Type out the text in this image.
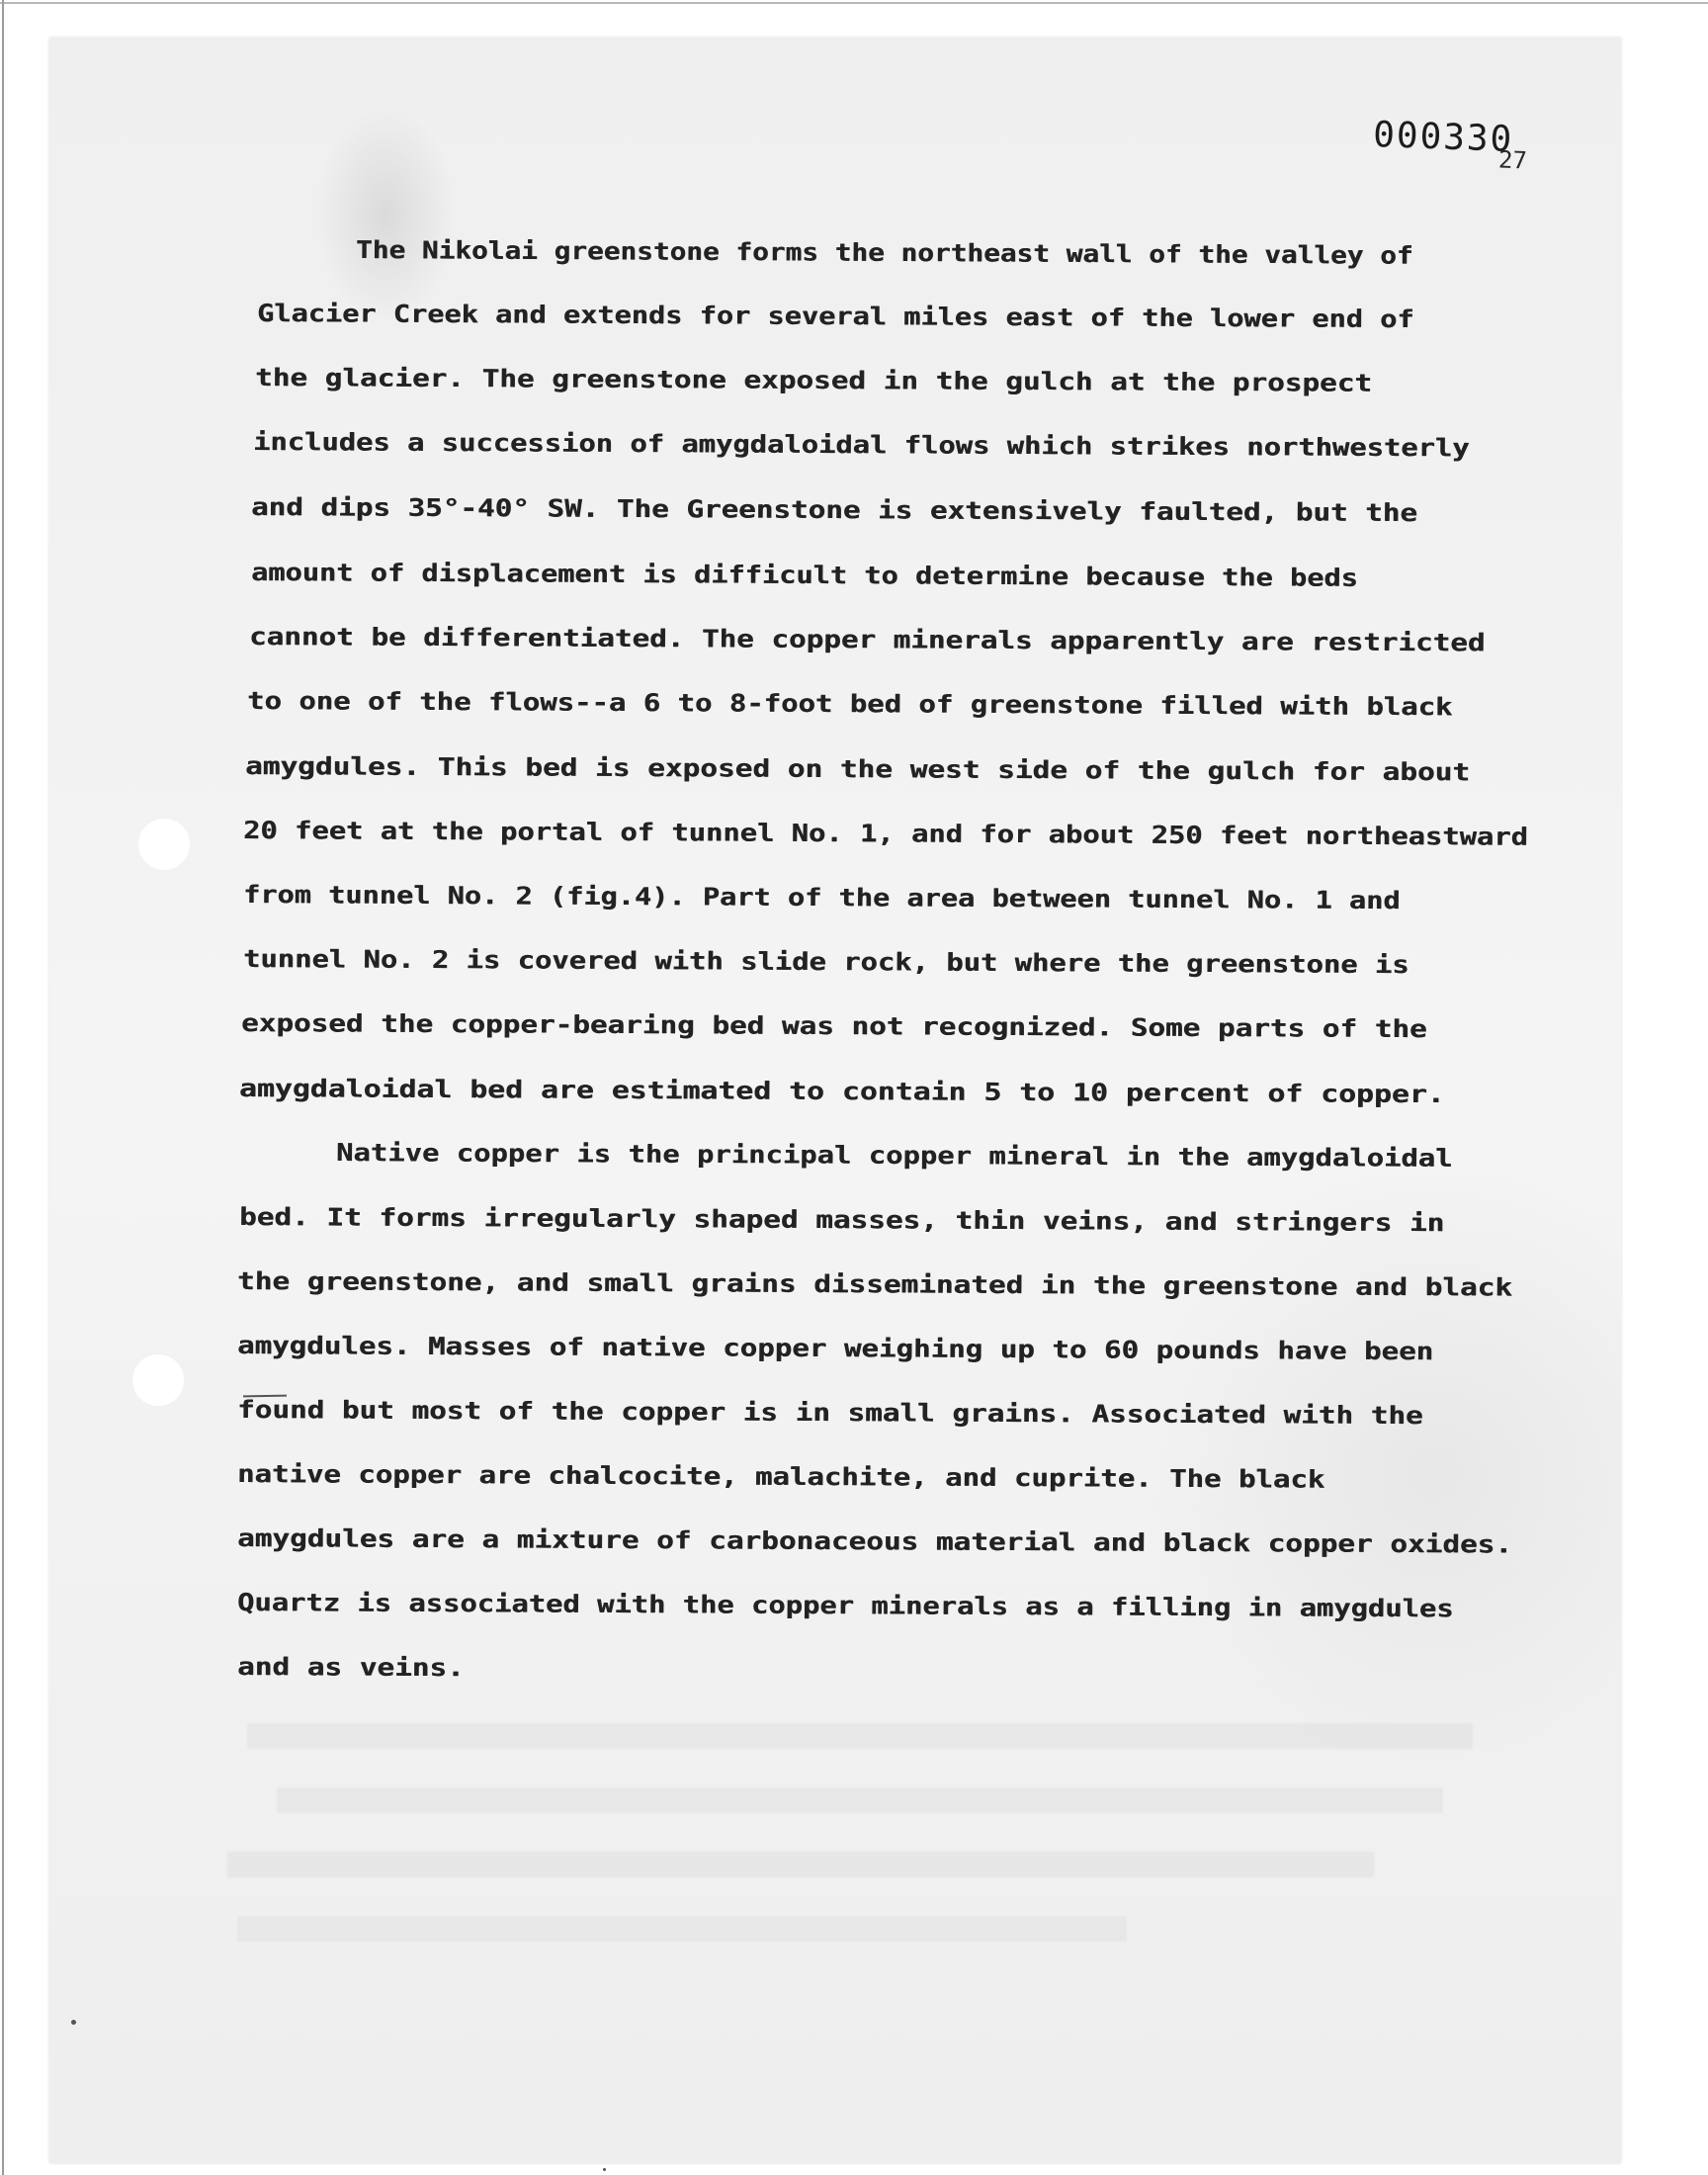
000330
27
The Nikolai greenstone forms the northeast wall of the valley of
Glacier Creek and extends for several miles east of the lower end of
the glacier. The greenstone exposed in the gulch at the prospect
includes a succession of amygdaloidal flows which strikes northwesterly
and dips 35°-40° SW. The Greenstone is extensively faulted, but the
amount of displacement is difficult to determine because the beds
cannot be differentiated. The copper minerals apparently are restricted
to one of the flows--a 6 to 8-foot bed of greenstone filled with black
amygdules. This bed is exposed on the west side of the gulch for about
20 feet at the portal of tunnel No. 1, and for about 250 feet northeastward
from tunnel No. 2 (fig.4). Part of the area between tunnel No. 1 and
tunnel No. 2 is covered with slide rock, but where the greenstone is
exposed the copper-bearing bed was not recognized. Some parts of the
amygdaloidal bed are estimated to contain 5 to 10 percent of copper.
Native copper is the principal copper mineral in the amygdaloidal
bed. It forms irregularly shaped masses, thin veins, and stringers in
the greenstone, and small grains disseminated in the greenstone and black
amygdules. Masses of native copper weighing up to 60 pounds have been
found but most of the copper is in small grains. Associated with the
native copper are chalcocite, malachite, and cuprite. The black
amygdules are a mixture of carbonaceous material and black copper oxides.
Quartz is associated with the copper minerals as a filling in amygdules
and as veins.
